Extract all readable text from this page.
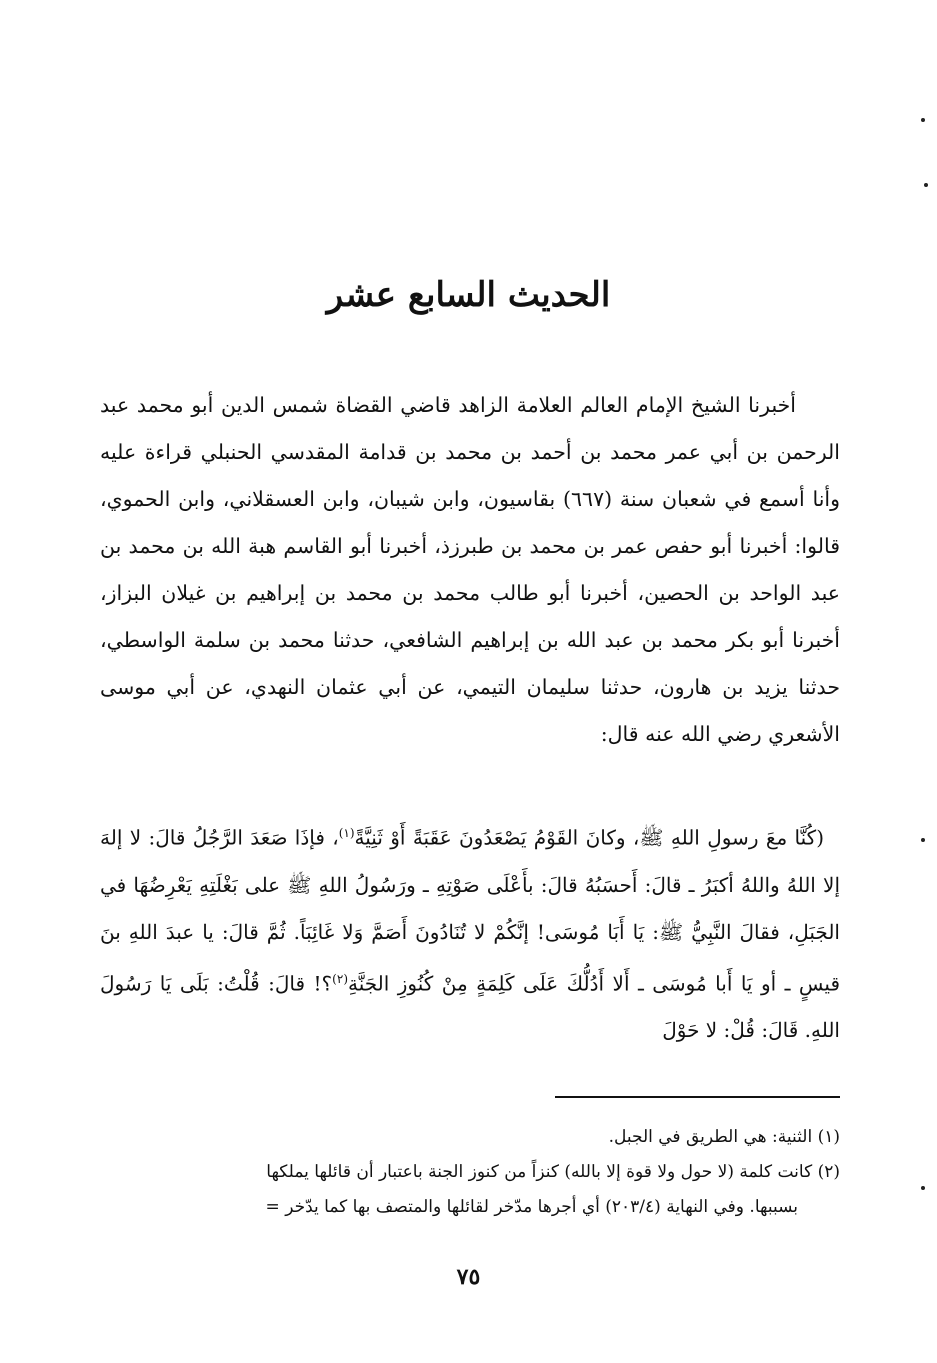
الحديث السابع عشر

أخبرنا الشيخ الإمام العالم العلامة الزاهد قاضي القضاة شمس الدين أبو محمد عبد الرحمن بن أبي عمر محمد بن أحمد بن محمد بن قدامة المقدسي الحنبلي قراءة عليه وأنا أسمع في شعبان سنة (٦٦٧) بقاسيون، وابن شيبان، وابن العسقلاني، وابن الحموي، قالوا: أخبرنا أبو حفص عمر بن محمد بن طبرزذ، أخبرنا أبو القاسم هبة الله بن محمد بن عبد الواحد بن الحصين، أخبرنا أبو طالب محمد بن محمد بن إبراهيم بن غيلان البزاز، أخبرنا أبو بكر محمد بن عبد الله بن إبراهيم الشافعي، حدثنا محمد بن سلمة الواسطي، حدثنا يزيد بن هارون، حدثنا سليمان التيمي، عن أبي عثمان النهدي، عن أبي موسى الأشعري رضي الله عنه قال:

(كُنَّا معَ رسولِ اللهِ ﷺ، وكانَ القَوْمُ يَصْعَدُونَ عَقَبَةً أَوْ ثَنِيَّةً$^{(١)}$، فإذَا صَعَدَ الرَّجُلُ قالَ: لا إلهَ إلا اللهُ واللهُ أكبَرُ ـ قالَ: أَحسَبُهُ قالَ: بأَعْلَى صَوْتِهِ ـ ورَسُولُ اللهِ ﷺ على بَغْلَتِهِ يَعْرِضُهَا في الجَبَلِ، فقالَ النَّبِيُّ ﷺ: يَا أَبَا مُوسَى! إنَّكُمْ لا تُنَادُونَ أَصَمَّ وَلا غَائِبَاً. ثُمَّ قالَ: يا عبدَ اللهِ بنَ قيسٍ ـ أو يَا أَبا مُوسَى ـ أَلا أَدُلُّكَ عَلَى كَلِمَةٍ مِنْ كُنُوزِ الجَنَّةِ$^{(٢)}$؟! قالَ: قُلْتُ: بَلَى يَا رَسُولَ اللهِ. قَالَ: قُلْ: لا حَوْلَ

(١) الثنية: هي الطريق في الجبل.

(٢) كانت كلمة (لا حول ولا قوة إلا بالله) كنزاً من كنوز الجنة باعتبار أن قائلها يملكها

بسببها. وفي النهاية (٢٠٣/٤) أي أجرها مدّخر لقائلها والمتصف بها كما يدّخر =

٧٥
